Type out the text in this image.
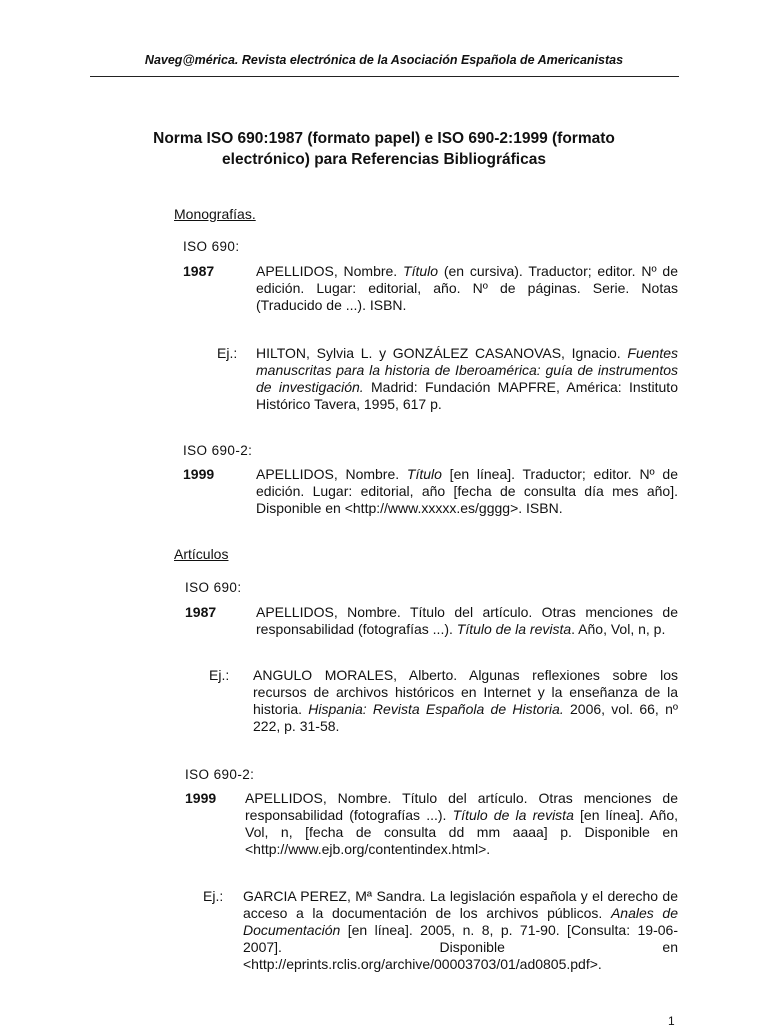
Naveg@mérica. Revista electrónica de la Asociación Española de Americanistas
Norma ISO 690:1987 (formato papel) e ISO 690-2:1999 (formato electrónico) para Referencias Bibliográficas
Monografías.
ISO 690:
1987	APELLIDOS, Nombre. Título (en cursiva). Traductor; editor. Nº de edición. Lugar: editorial, año. Nº de páginas. Serie. Notas (Traducido de ...). ISBN.
Ej.: HILTON, Sylvia L. y GONZÁLEZ CASANOVAS, Ignacio. Fuentes manuscritas para la historia de Iberoamérica: guía de instrumentos de investigación. Madrid: Fundación MAPFRE, América: Instituto Histórico Tavera, 1995, 617 p.
ISO 690-2:
1999	APELLIDOS, Nombre. Título [en línea]. Traductor; editor. Nº de edición. Lugar: editorial, año [fecha de consulta día mes año]. Disponible en <http://www.xxxxx.es/gggg>. ISBN.
Artículos
ISO 690:
1987	APELLIDOS, Nombre. Título del artículo. Otras menciones de responsabilidad (fotografías ...). Título de la revista. Año, Vol, n, p.
Ej.: ANGULO MORALES, Alberto. Algunas reflexiones sobre los recursos de archivos históricos en Internet y la enseñanza de la historia. Hispania: Revista Española de Historia. 2006, vol. 66, nº 222, p. 31-58.
ISO 690-2:
1999 APELLIDOS, Nombre. Título del artículo. Otras menciones de responsabilidad (fotografías ...). Título de la revista [en línea]. Año, Vol, n, [fecha de consulta dd mm aaaa] p. Disponible en <http://www.ejb.org/contentindex.html>.
Ej.: GARCIA PEREZ, Mª Sandra. La legislación española y el derecho de acceso a la documentación de los archivos públicos. Anales de Documentación [en línea]. 2005, n. 8, p. 71-90. [Consulta: 19-06-2007]. Disponible en <http://eprints.rclis.org/archive/00003703/01/ad0805.pdf>.
1
